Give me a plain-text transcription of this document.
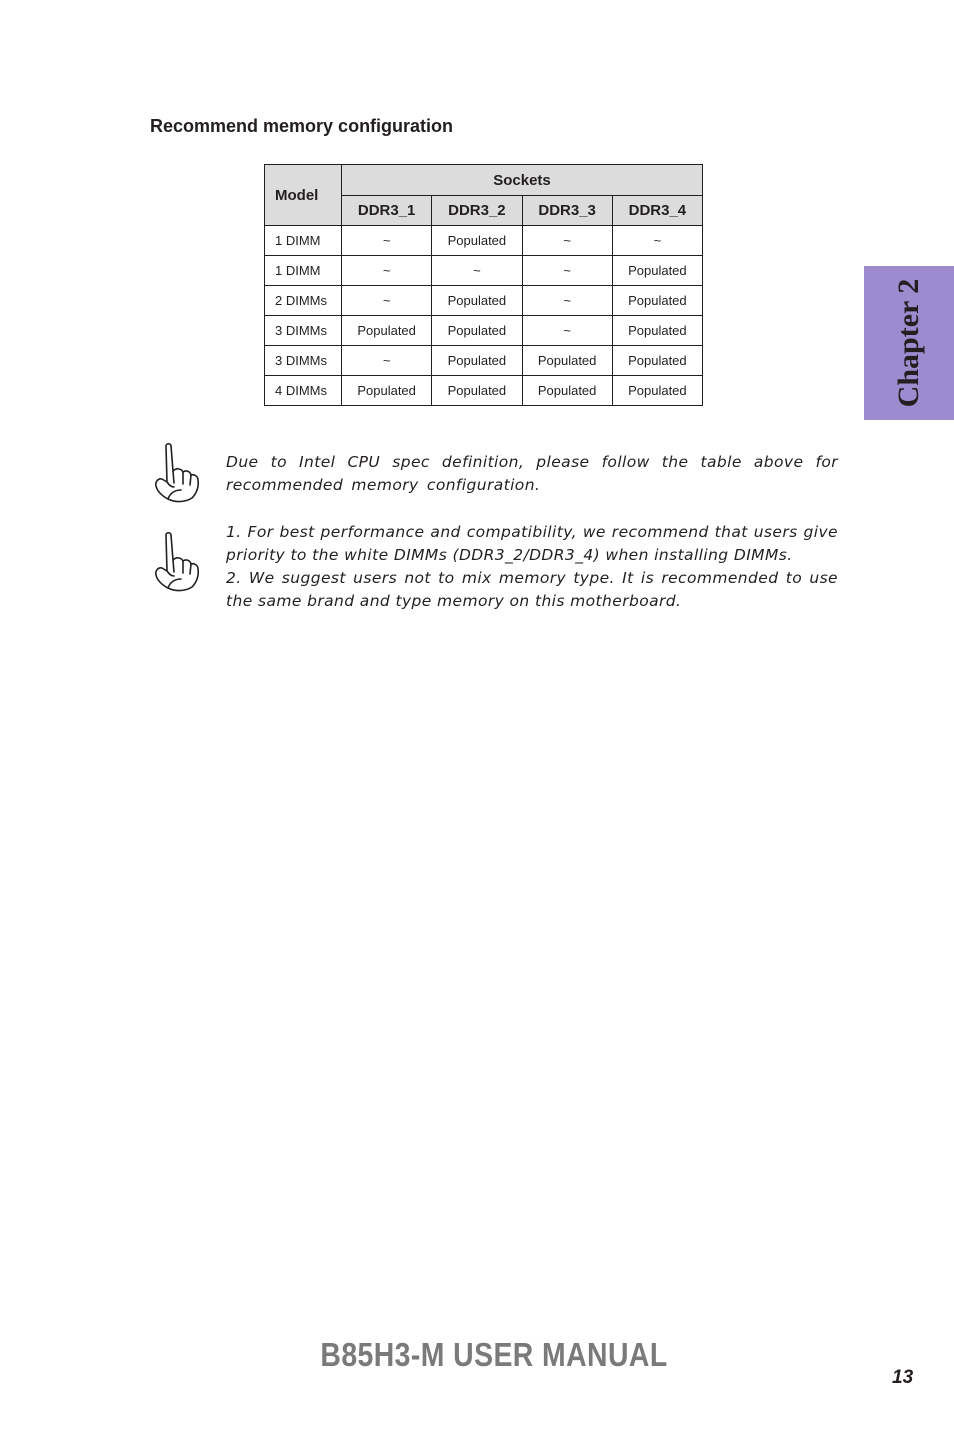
Recommend memory configuration
Model	Sockets			
	DDR3_1	DDR3_2	DDR3_3	DDR3_4
1 DIMM	~	Populated	~	~
1 DIMM	~	~	~	Populated
2 DIMMs	~	Populated	~	Populated
3 DIMMs	Populated	Populated	~	Populated
3 DIMMs	~	Populated	Populated	Populated
4 DIMMs	Populated	Populated	Populated	Populated

Due to Intel CPU spec definition, please follow the table above for recommended memory configuration.

1. For best performance and compatibility, we recommend that users give priority to the white DIMMs (DDR3_2/DDR3_4) when installing DIMMs.

2. We suggest users not to mix memory type. It is recommended to use the same brand and type memory on this motherboard.

Chapter 2
B85H3-M USER MANUAL
13
